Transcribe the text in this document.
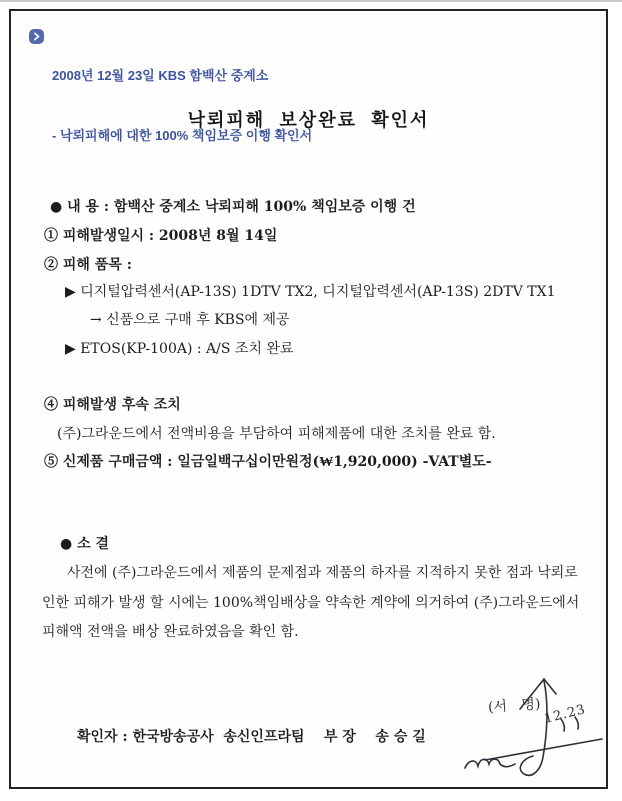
2008년 12월 23일 KBS 함백산 중계소

- 낙뢰피해에 대한 100% 책임보증 이행 확인서

낙뢰피해 보상완료 확인서
● 내 용 : 함백산 중계소 낙뢰피해 100% 책임보증 이행 건
① 피해발생일시 : 2008년 8월 14일
② 피해 품목 :
▶ 디지털압력센서(AP-13S) 1DTV TX2, 디지털압력센서(AP-13S) 2DTV TX1
→ 신품으로 구매 후 KBS에 제공
▶ ETOS(KP-100A) : A/S 조치 완료
④ 피해발생 후속 조치
(주)그라운드에서 전액비용을 부담하여 피해제품에 대한 조치를 완료 함.
⑤ 신제품 구매금액 : 일금일백구십이만원정(₩1,920,000) -VAT별도-
● 소 결
사전에 (주)그라운드에서 제품의 문제점과 제품의 하자를 지적하지 못한 점과 낙뢰로
인한 피해가 발생 할 시에는 100%책임배상을 약속한 계약에 의거하여 (주)그라운드에서
피해액 전액을 배상 완료하였음을 확인 함.
확인자 : 한국방송공사  송신인프라팀    부 장    송 승 길
(서 명) 12.23
